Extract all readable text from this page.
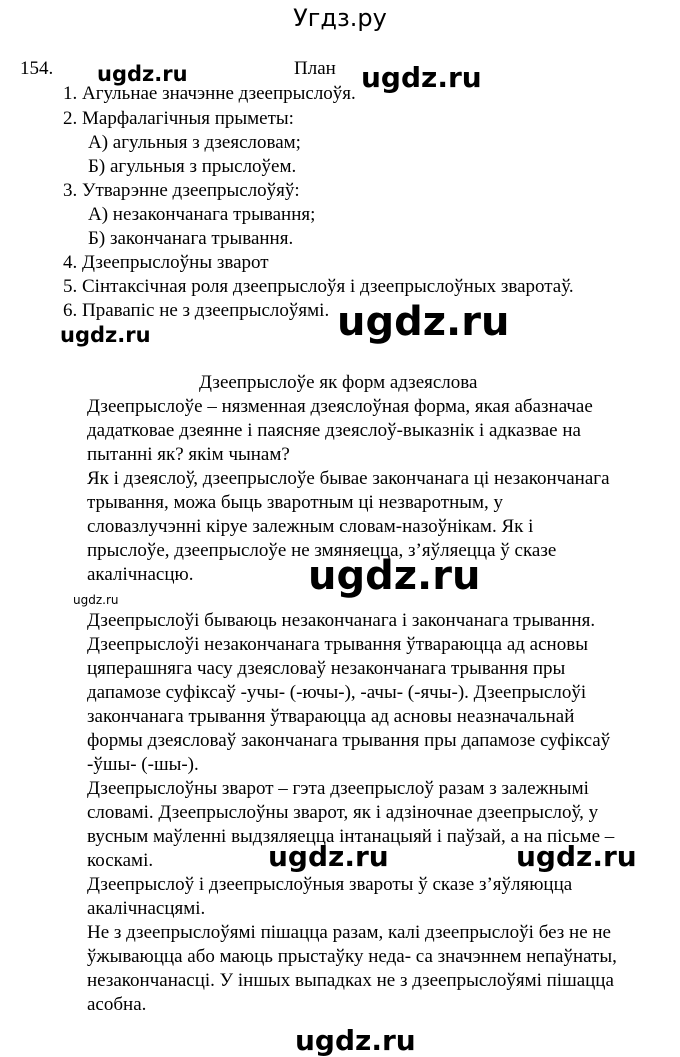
Угдз.ру
154.	План
1. Агульнае значэнне дзеепрыслоўя.
2. Марфалагічныя прыметы:
А) агульныя з дзеясловам;
Б) агульныя з прыслоўем.
3. Утварэнне дзеепрыслоўяў:
А) незакончанага трывання;
Б) закончанага трывання.
4. Дзеепрыслоўны зварот
5. Сінтаксічная роля дзеепрыслоўя і дзеепрыслоўных зваротаў.
6. Правапіс не з дзеепрыслоўямі.
Дзеепрыслоўе як форм адзеяслова
Дзеепрыслоўе – нязменная дзеяслоўная форма, якая абазначае
дадатковае дзеянне і паясняе дзеяслоў-выказнік і адказвае на
пытанні як? якім чынам?
Як і дзеяслоў, дзеепрыслоўе бывае закончанага ці незакончанага
трывання, можа быць зваротным ці незваротным, у
словазлучэнні кіруе залежным словам-назоўнікам. Як і
прыслоўе, дзеепрыслоўе не змяняецца, з’яўляецца ў сказе
акалічнасцю.
Дзеепрыслоўі бываюць незакончанага і закончанага трывання.
Дзеепрыслоўі незакончанага трывання ўтвараюцца ад асновы
цяперашняга часу дзеясловаў незакончанага трывання пры
дапамозе суфіксаў -учы- (-ючы-), -ачы- (-ячы-). Дзеепрыслоўі
закончанага трывання ўтвараюцца ад асновы неазначальнай
формы дзеясловаў закончанага трывання пры дапамозе суфіксаў
-ўшы- (-шы-).
Дзеепрыслоўны зварот – гэта дзеепрыслоў разам з залежнымі
словамі. Дзеепрыслоўны зварот, як і адзіночнае дзеепрыслоў, у
вусным маўленні выдзяляецца інтанацыяй і паўзай, а на пісьме –
коскамі.
Дзеепрыслоў і дзеепрыслоўныя звароты ў сказе з’яўляюцца
акалічнасцямі.
Не з дзеепрыслоўямі пішацца разам, калі дзеепрыслоўі без не не
ўжываюцца або маюць прыстаўку неда- са значэннем непаўнаты,
незакончанасці. У іншых выпадках не з дзеепрыслоўямі пішацца
асобна.
ugdz.ru	ugdz.ru
ugdz.ru
ugdz.ru
ugdz.ru
ugdz.ru
ugdz.ru	ugdz.ru
ugdz.ru
